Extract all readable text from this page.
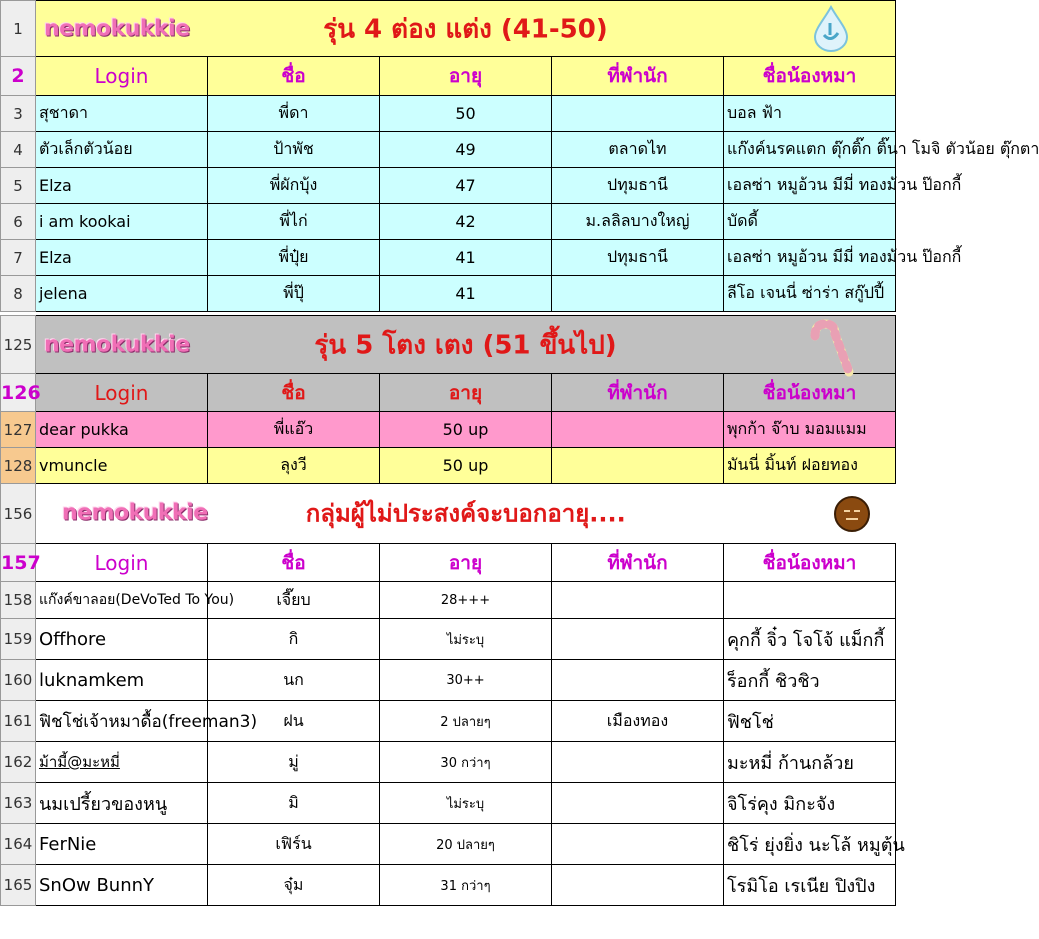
1	nemokukkie รุ่น 4 ต่อง แต่ง (41-50)				

2	Login	ชื่อ	อายุ	ที่พำนัก	ชื่อน้องหมา
3	สุชาดา	พี่ดา	50		บอล ฟ้า
4	ตัวเล็กตัวน้อย	ป้าพัช	49	ตลาดไท	แก๊งค์นรคแตก ตุ๊กติ๊ก ติ๊นา โมจิ ตัวน้อย ตุ๊กตา
5	Elza	พี่ผักบุ้ง	47	ปทุมธานี	เอลซ่า หมูอ้วน มีมี่ ทองม้วน ป๊อกกี้
6	i am kookai	พี่ไก่	42	ม.ลลิลบางใหญ่	บัดดี้
7	Elza	พี่ปุ๋ย	41	ปทุมธานี	เอลซ่า หมูอ้วน มีมี่ ทองม้วน ป๊อกกี้
8	jelena	พี่ปุ๊	41		ลีโอ เจนนี่ ซ่าร่า สกู๊ปปี้
125	nemokukkie รุ่น 5 โตง เตง (51 ขึ้นไป)				

126	Login	ชื่อ	อายุ	ที่พำนัก	ชื่อน้องหมา
127	dear pukka	พี่แอ๊ว	50 up		พุกก้า จ๊าบ มอมแมม
128	vmuncle	ลุงวี	50 up		มันนี่ มิ้นท์ ฝอยทอง
156	nemokukkie กลุ่มผู้ไม่ประสงค์จะบอกอายุ....				

157	Login	ชื่อ	อายุ	ที่พำนัก	ชื่อน้องหมา
158	แก๊งค์ขาลอย(DeVoTed To You)	เจี๊ยบ	28+++		
159	Offhore	กิ	ไม่ระบุ		คุกกี้ จิ๋ว โจโจ้ แม็กกี้
160	luknamkem	นก	30++		ร็อกกี้ ชิวชิว
161	ฟิชโช่เจ้าหมาดื้อ(freeman3)	ฝน	2 ปลายๆ	เมืองทอง	ฟิชโช่
162	ม้ามี้@มะหมี่	มู่	30 กว่าๆ		มะหมี่ ก้านกล้วย
163	นมเปรี้ยวของหนู	มิ	ไม่ระบุ		จิโร่คุง มิกะจัง
164	FerNie	เฟิร์น	20 ปลายๆ		ชิโร่ ยุ่งยิ่ง นะโล้ หมูตุ้น
165	SnOw BunnY	จุ๋ม	31 กว่าๆ		โรมิโอ เรเนีย ปิงปิง
